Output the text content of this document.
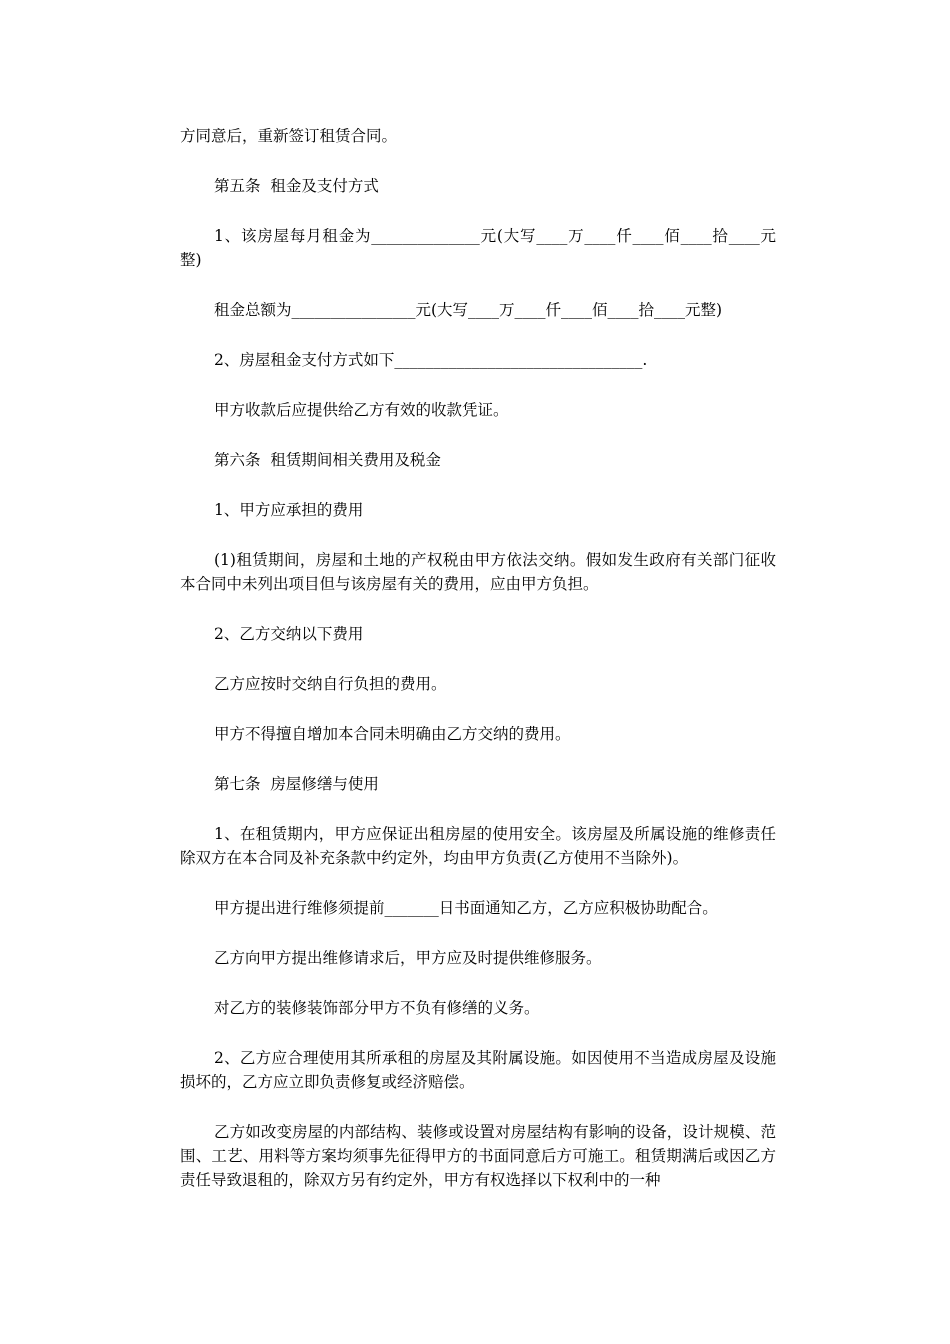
方同意后，重新签订租赁合同。

第五条  租金及支付方式

1、该房屋每月租金为______________元(大写____万____仟____佰____拾____元整)

租金总额为________________元(大写____万____仟____佰____拾____元整)

2、房屋租金支付方式如下________________________________.

甲方收款后应提供给乙方有效的收款凭证。

第六条  租赁期间相关费用及税金

1、甲方应承担的费用

(1)租赁期间，房屋和土地的产权税由甲方依法交纳。假如发生政府有关部门征收本合同中未列出项目但与该房屋有关的费用，应由甲方负担。

2、乙方交纳以下费用

乙方应按时交纳自行负担的费用。

甲方不得擅自增加本合同未明确由乙方交纳的费用。

第七条  房屋修缮与使用

1、在租赁期内，甲方应保证出租房屋的使用安全。该房屋及所属设施的维修责任除双方在本合同及补充条款中约定外，均由甲方负责(乙方使用不当除外)。

甲方提出进行维修须提前_______日书面通知乙方，乙方应积极协助配合。

乙方向甲方提出维修请求后，甲方应及时提供维修服务。

对乙方的装修装饰部分甲方不负有修缮的义务。

2、乙方应合理使用其所承租的房屋及其附属设施。如因使用不当造成房屋及设施损坏的，乙方应立即负责修复或经济赔偿。

乙方如改变房屋的内部结构、装修或设置对房屋结构有影响的设备，设计规模、范围、工艺、用料等方案均须事先征得甲方的书面同意后方可施工。租赁期满后或因乙方责任导致退租的，除双方另有约定外，甲方有权选择以下权利中的一种
